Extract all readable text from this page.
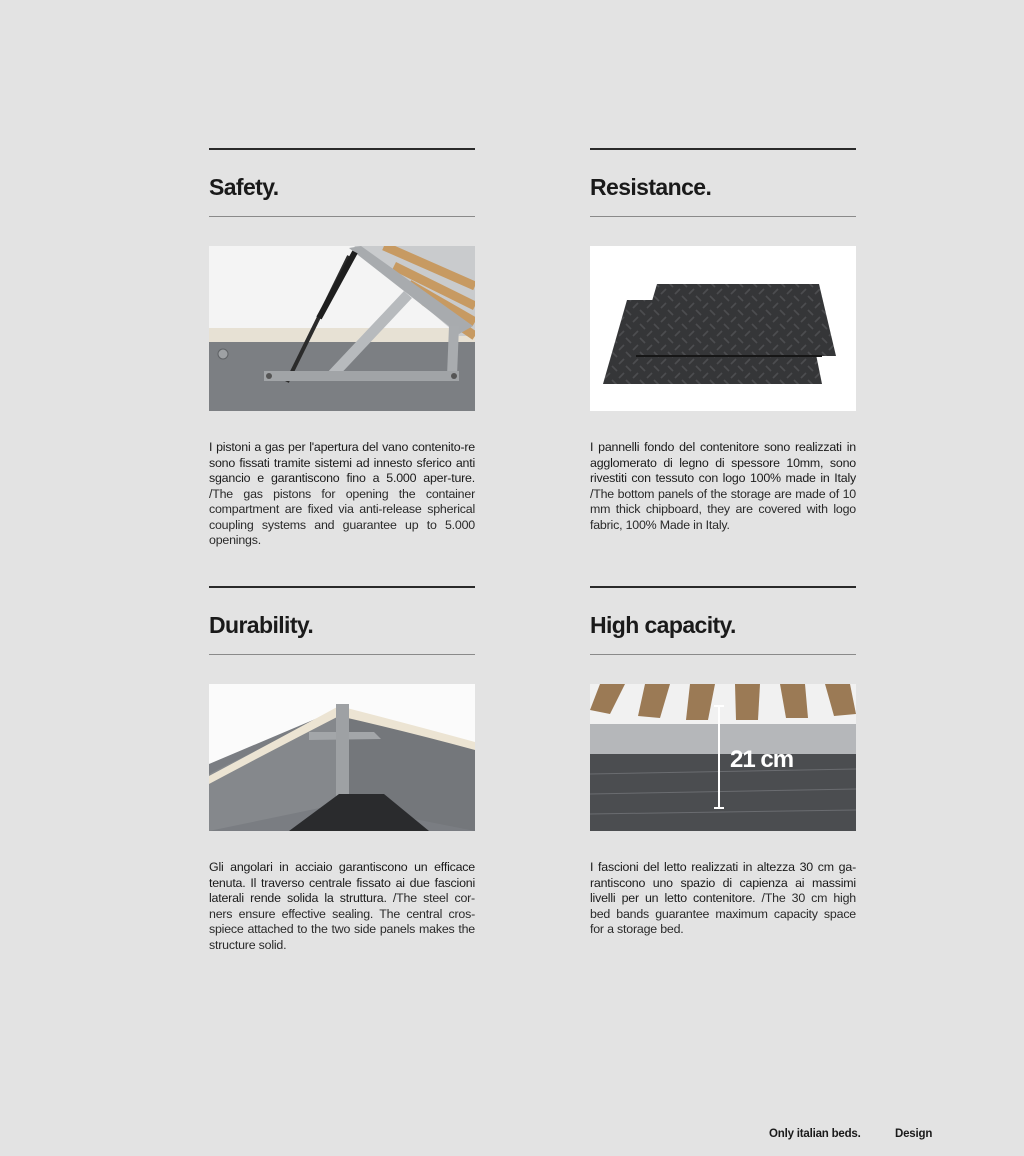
Safety.
I pistoni a gas per l'apertura del vano contenito-re sono fissati tramite sistemi ad innesto sferico anti sgancio e garantiscono fino a 5.000 aper-ture. /The gas pistons for opening the container compartment are fixed via anti-release spherical coupling systems and guarantee up to 5.000 openings.
Resistance.
I pannelli fondo del contenitore sono realizzati in agglomerato di legno di spessore 10mm, sono rivestiti con tessuto con logo 100% made in Italy /The bottom panels of the storage are made of 10 mm thick chipboard, they are covered with logo fabric, 100% Made in Italy.
Durability.
Gli angolari in acciaio garantiscono un efficace tenuta. Il traverso centrale fissato ai due fascioni laterali rende solida la struttura. /The steel cor-ners ensure effective sealing. The central cros-spiece attached to the two side panels makes the structure solid.
High capacity.
21 cm
I fascioni del letto realizzati in altezza 30 cm ga-rantiscono uno spazio di capienza ai massimi livelli per un letto contenitore. /The 30 cm high bed bands guarantee maximum capacity space for a storage bed.
Only italian beds.	Design
